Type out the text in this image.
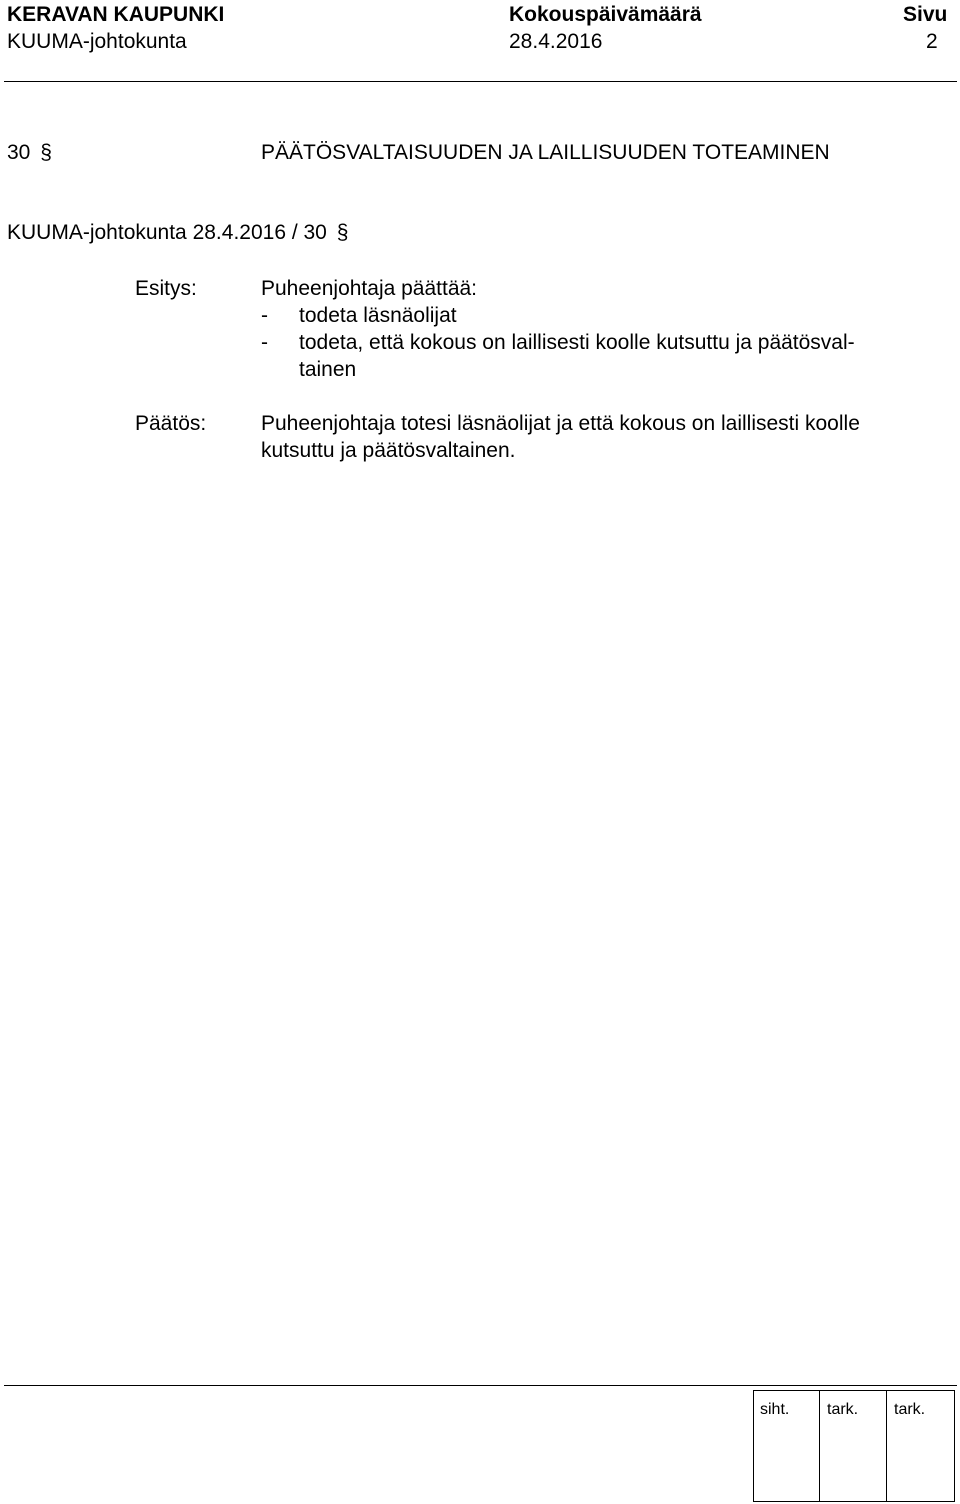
KERAVAN KAUPUNKI	Kokouspäivämäärä	Sivu
KUUMA-johtokunta	28.4.2016	2
30 §	PÄÄTÖSVALTAISUUDEN JA LAILLISUUDEN TOTEAMINEN
KUUMA-johtokunta 28.4.2016 / 30 §
Esitys:	Puheenjohtaja päättää:
- todeta läsnäolijat
- todeta, että kokous on laillisesti koolle kutsuttu ja päätösval-
tainen
Päätös:	Puheenjohtaja totesi läsnäolijat ja että kokous on laillisesti koolle
kutsuttu ja päätösvaltainen.
siht. tark. tark.
